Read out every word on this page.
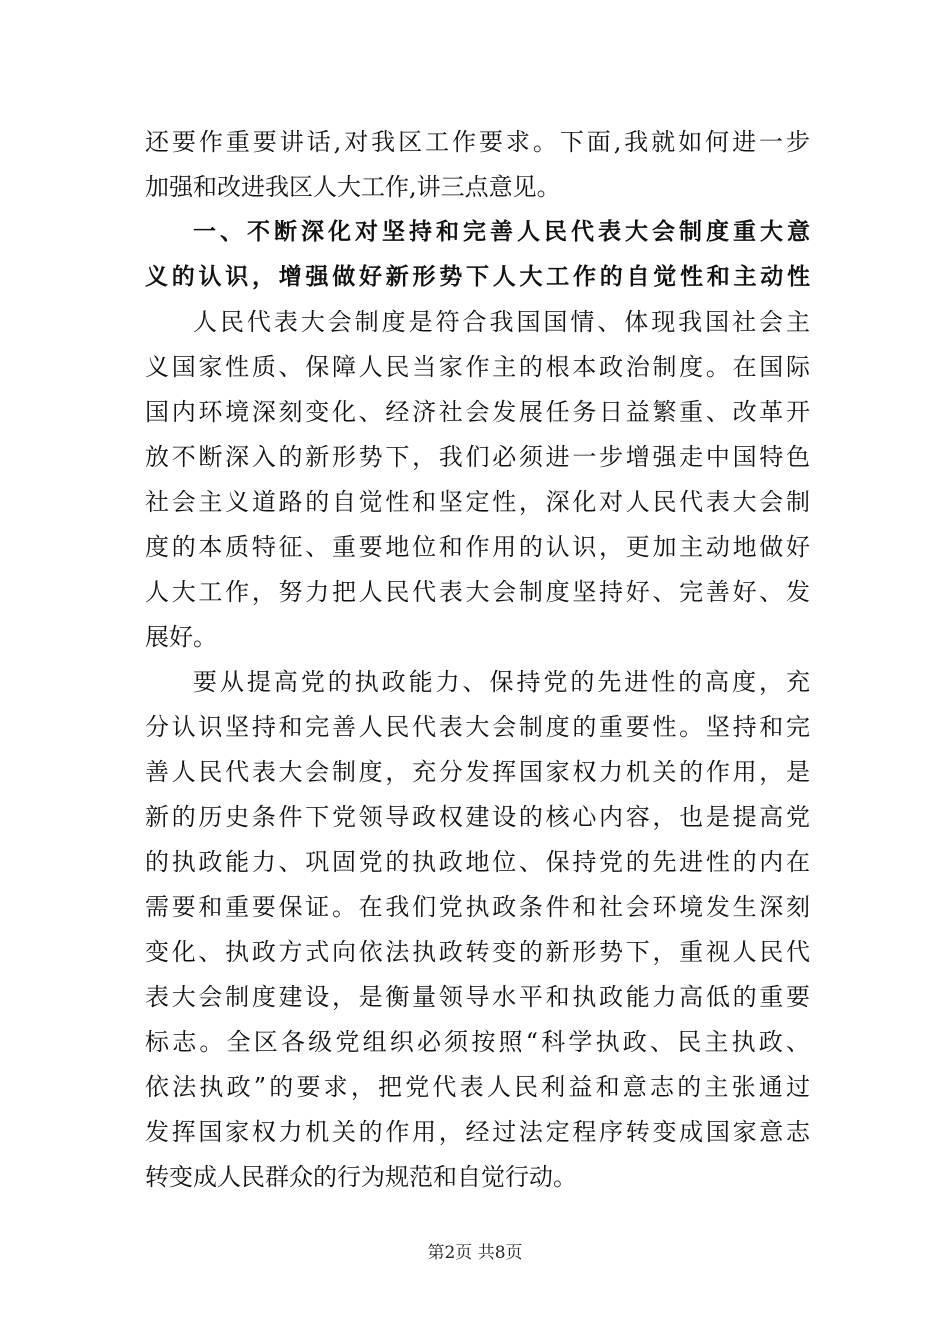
还要作重要讲话,对我区工作要求。下面,我就如何进一步
加强和改进我区人大工作,讲三点意见。
一、不断深化对坚持和完善人民代表大会制度重大意
义的认识，增强做好新形势下人大工作的自觉性和主动性
人民代表大会制度是符合我国国情、体现我国社会主
义国家性质、保障人民当家作主的根本政治制度。在国际
国内环境深刻变化、经济社会发展任务日益繁重、改革开
放不断深入的新形势下，我们必须进一步增强走中国特色
社会主义道路的自觉性和坚定性，深化对人民代表大会制
度的本质特征、重要地位和作用的认识，更加主动地做好
人大工作，努力把人民代表大会制度坚持好、完善好、发
展好。
要从提高党的执政能力、保持党的先进性的高度，充
分认识坚持和完善人民代表大会制度的重要性。坚持和完
善人民代表大会制度，充分发挥国家权力机关的作用，是
新的历史条件下党领导政权建设的核心内容，也是提高党
的执政能力、巩固党的执政地位、保持党的先进性的内在
需要和重要保证。在我们党执政条件和社会环境发生深刻
变化、执政方式向依法执政转变的新形势下，重视人民代
表大会制度建设，是衡量领导水平和执政能力高低的重要
标志。全区各级党组织必须按照“科学执政、民主执政、
依法执政”的要求，把党代表人民利益和意志的主张通过
发挥国家权力机关的作用，经过法定程序转变成国家意志
转变成人民群众的行为规范和自觉行动。
第2页 共8页
